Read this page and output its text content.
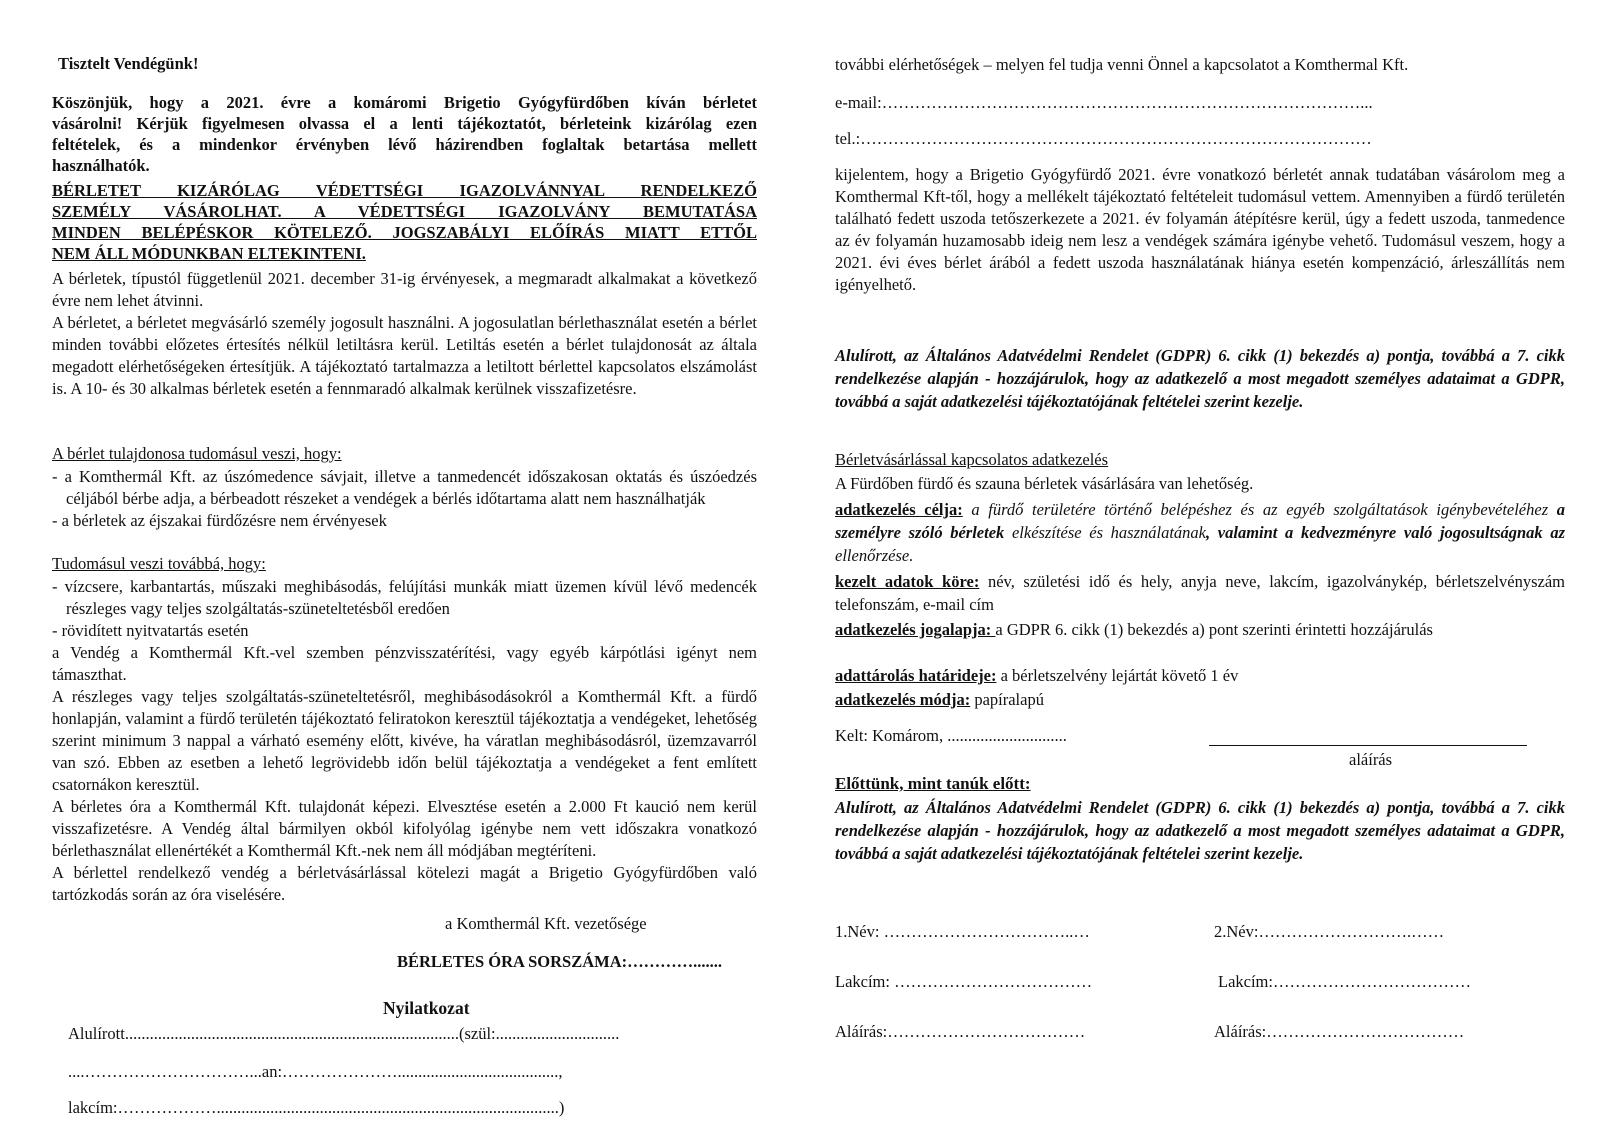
Tisztelt Vendégünk!

Köszönjük, hogy a 2021. évre a komáromi Brigetio Gyógyfürdőben kíván bérletet
vásárolni! Kérjük figyelmesen olvassa el a lenti tájékoztatót, bérleteink kizárólag ezen
feltételek, és a mindenkor érvényben lévő házirendben foglaltak betartása mellett
használhatók.
BÉRLETET KIZÁRÓLAG VÉDETTSÉGI IGAZOLVÁNNYAL RENDELKEZŐ
SZEMÉLY VÁSÁROLHAT. A VÉDETTSÉGI IGAZOLVÁNY BEMUTATÁSA
MINDEN BELÉPÉSKOR KÖTELEZŐ. JOGSZABÁLYI ELŐÍRÁS MIATT ETTŐL
NEM ÁLL MÓDUNKBAN ELTEKINTENI.

A bérletek, típustól függetlenül 2021. december 31-ig érvényesek, a megmaradt alkalmakat a következő évre nem lehet átvinni.

A bérletet, a bérletet megvásárló személy jogosult használni. A jogosulatlan bérlethasználat esetén a bérlet minden további előzetes értesítés nélkül letiltásra kerül. Letiltás esetén a bérlet tulajdonosát az általa megadott elérhetőségeken értesítjük. A tájékoztató tartalmazza a letiltott bérlettel kapcsolatos elszámolást is. A 10- és 30 alkalmas bérletek esetén a fennmaradó alkalmak kerülnek visszafizetésre.

A bérlet tulajdonosa tudomásul veszi, hogy:

- a Komthermál Kft. az úszómedence sávjait, illetve a tanmedencét időszakosan oktatás és úszóedzés céljából bérbe adja, a bérbeadott részeket a vendégek a bérlés időtartama alatt nem használhatják
- a bérletek az éjszakai fürdőzésre nem érvényesek

Tudomásul veszi továbbá, hogy:

- vízcsere, karbantartás, műszaki meghibásodás, felújítási munkák miatt üzemen kívül lévő medencék részleges vagy teljes szolgáltatás-szüneteltetésből eredően
- rövidített nyitvatartás esetén

a Vendég a Komthermál Kft.-vel szemben pénzvisszatérítési, vagy egyéb kárpótlási igényt nem támaszthat.

A részleges vagy teljes szolgáltatás-szüneteltetésről, meghibásodásokról a Komthermál Kft. a fürdő honlapján, valamint a fürdő területén tájékoztató feliratokon keresztül tájékoztatja a vendégeket, lehetőség szerint minimum 3 nappal a várható esemény előtt, kivéve, ha váratlan meghibásodásról, üzemzavarról van szó. Ebben az esetben a lehető legrövidebb időn belül tájékoztatja a vendégeket a fent említett csatornákon keresztül.

A bérletes óra a Komthermál Kft. tulajdonát képezi. Elvesztése esetén a 2.000 Ft kaució nem kerül visszafizetésre. A Vendég által bármilyen okból kifolyólag igénybe nem vett időszakra vonatkozó bérlethasználat ellenértékét a Komthermál Kft.-nek nem áll módjában megtéríteni.

A bérlettel rendelkező vendég a bérletvásárlással kötelezi magát a Brigetio Gyógyfürdőben való tartózkodás során az óra viselésére.

a Komthermál Kft. vezetősége

BÉRLETES ÓRA SORSZÁMA:………….......

Nyilatkozat

Alulírott.................................................................................(szül:..............................
....…………………………...an:………………….......................................,
lakcím:………………...................................................................................)

további elérhetőségek – melyen fel tudja venni Önnel a kapcsolatot a Komthermal Kft.

e-mail:……………………………………………………………………………...
tel.:…………………………………………………………………………………

kijelentem, hogy a Brigetio Gyógyfürdő 2021. évre vonatkozó bérletét annak tudatában vásárolom meg a Komthermal Kft-től, hogy a mellékelt tájékoztató feltételeit tudomásul vettem. Amennyiben a fürdő területén található fedett uszoda tetőszerkezete a 2021. év folyamán átépítésre kerül, úgy a fedett uszoda, tanmedence az év folyamán huzamosabb ideig nem lesz a vendégek számára igénybe vehető. Tudomásul veszem, hogy a 2021. évi éves bérlet árából a fedett uszoda használatának hiánya esetén kompenzáció, árleszállítás nem igényelhető.

Alulírott, az Általános Adatvédelmi Rendelet (GDPR) 6. cikk (1) bekezdés a) pontja, továbbá a 7. cikk rendelkezése alapján - hozzájárulok, hogy az adatkezelő a most megadott személyes adataimat a GDPR, továbbá a saját adatkezelési tájékoztatójának feltételei szerint kezelje.

Bérletvásárlással kapcsolatos adatkezelés

A Fürdőben fürdő és szauna bérletek vásárlására van lehetőség.

adatkezelés célja: a fürdő területére történő belépéshez és az egyéb szolgáltatások igénybevételéhez a személyre szóló bérletek elkészítése és használatának, valamint a kedvezményre való jogosultságnak az ellenőrzése.

kezelt adatok köre: név, születési idő és hely, anyja neve, lakcím, igazolványkép, bérletszelvényszám telefonszám, e-mail cím

adatkezelés jogalapja: a GDPR 6. cikk (1) bekezdés a) pont szerinti érintetti hozzájárulás

adattárolás határideje: a bérletszelvény lejártát követő 1 év

adatkezelés módja: papíralapú

Kelt: Komárom, .............................

aláírás

Előttünk, mint tanúk előtt:

Alulírott, az Általános Adatvédelmi Rendelet (GDPR) 6. cikk (1) bekezdés a) pontja, továbbá a 7. cikk rendelkezése alapján - hozzájárulok, hogy az adatkezelő a most megadott személyes adataimat a GDPR, továbbá a saját adatkezelési tájékoztatójának feltételei szerint kezelje.

1.Név: ……………………………..…	2.Név:……………………….……
Lakcím: ………………………………	Lakcím:………………………………
Aláírás:………………………………	Aláírás:………………………………
